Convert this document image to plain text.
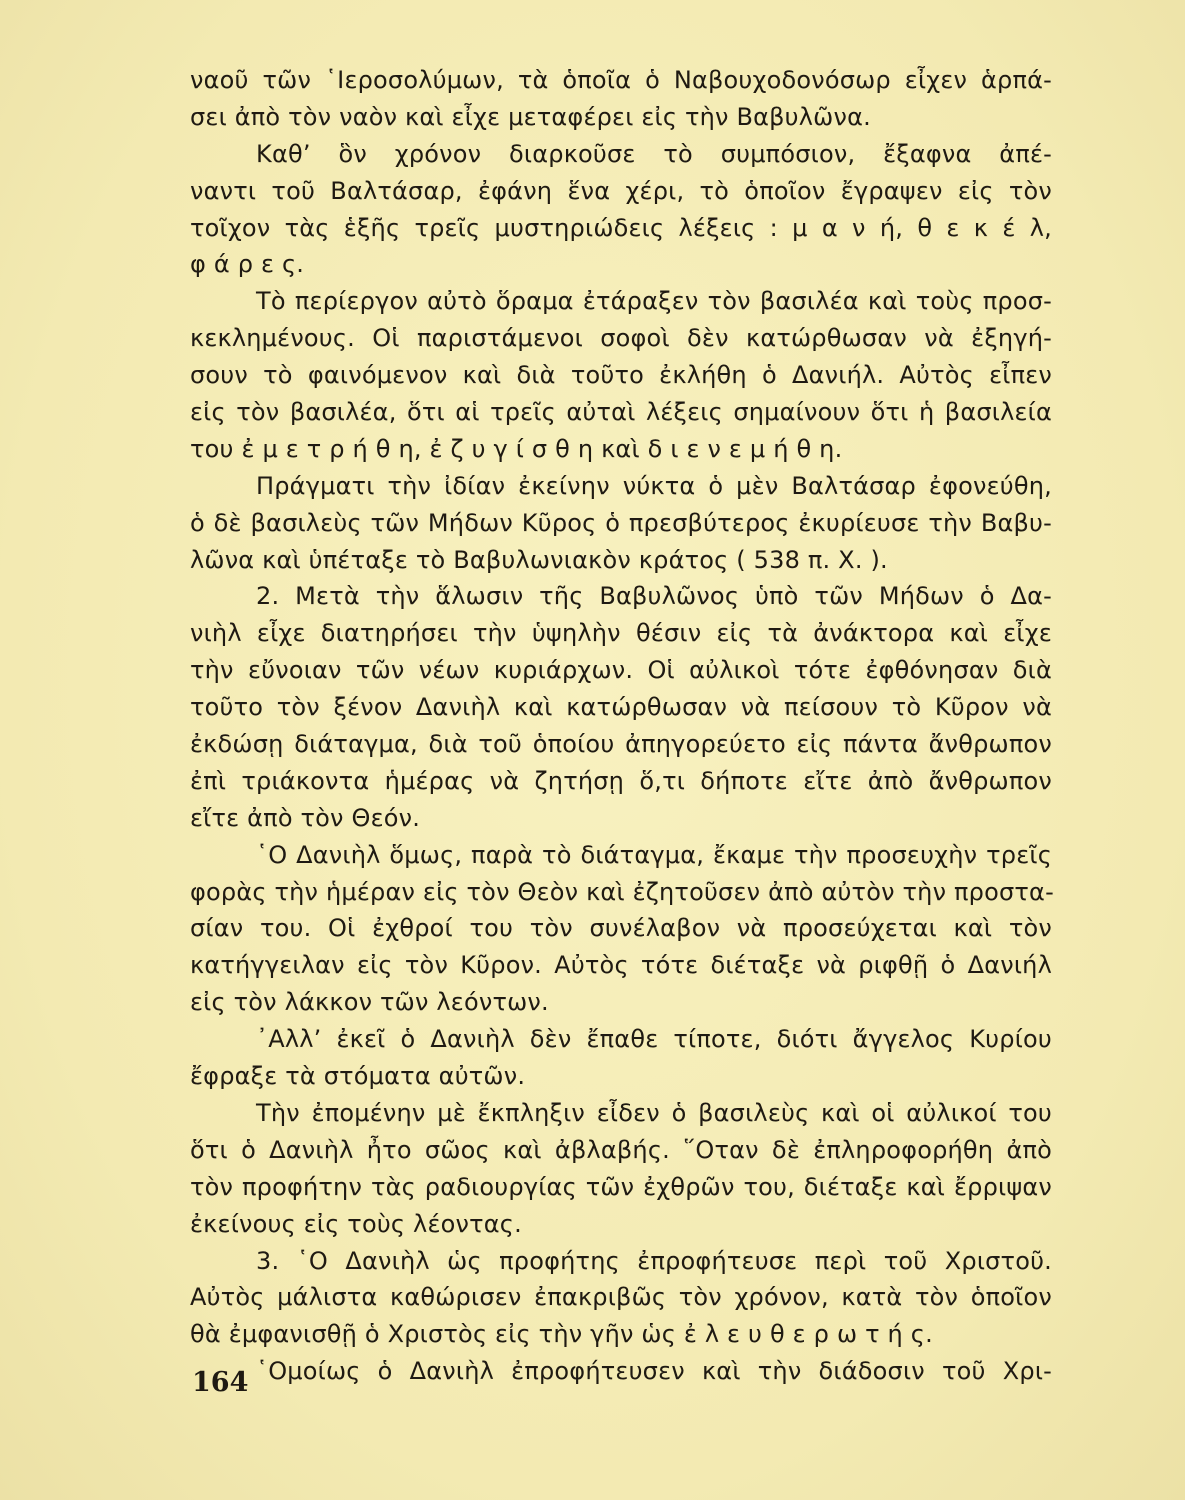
ναοῦ τῶν ῾Ιεροσολύμων, τὰ ὁποῖα ὁ Ναβουχοδονόσωρ εἶχεν ἁρπά-
σει ἀπὸ τὸν ναὸν καὶ εἶχε μεταφέρει εἰς τὴν Βαβυλῶνα.
Καθ’ ὃν χρόνον διαρκοῦσε τὸ συμπόσιον, ἔξαφνα ἀπέ-
ναντι τοῦ Βαλτάσαρ, ἐφάνη ἕνα χέρι, τὸ ὁποῖον ἔγραψεν εἰς τὸν
τοῖχον τὰς ἑξῆς τρεῖς μυστηριώδεις λέξεις : μ α ν ή, θ ε κ έ λ,
φ ά ρ ε ς.
Τὸ περίεργον αὐτὸ ὅραμα ἐτάραξεν τὸν βασιλέα καὶ τοὺς προσ-
κεκλημένους. Οἱ παριστάμενοι σοφοὶ δὲν κατώρθωσαν νὰ ἐξηγή-
σουν τὸ φαινόμενον καὶ διὰ τοῦτο ἐκλήθη ὁ Δανιήλ. Αὐτὸς εἶπεν
εἰς τὸν βασιλέα, ὅτι αἱ τρεῖς αὐταὶ λέξεις σημαίνουν ὅτι ἡ βασιλεία
του ἐ μ ε τ ρ ή θ η, ἐ ζ υ γ ί σ θ η καὶ δ ι ε ν ε μ ή θ η.
Πράγματι τὴν ἰδίαν ἐκείνην νύκτα ὁ μὲν Βαλτάσαρ ἐφονεύθη,
ὁ δὲ βασιλεὺς τῶν Μήδων Κῦρος ὁ πρεσβύτερος ἐκυρίευσε τὴν Βαβυ-
λῶνα καὶ ὑπέταξε τὸ Βαβυλωνιακὸν κράτος ( 538 π. Χ. ).
2. Μετὰ τὴν ἅλωσιν τῆς Βαβυλῶνος ὑπὸ τῶν Μήδων ὁ Δα-
νιὴλ εἶχε διατηρήσει τὴν ὑψηλὴν θέσιν εἰς τὰ ἀνάκτορα καὶ εἶχε
τὴν εὔνοιαν τῶν νέων κυριάρχων. Οἱ αὐλικοὶ τότε ἐφθόνησαν διὰ
τοῦτο τὸν ξένον Δανιὴλ καὶ κατώρθωσαν νὰ πείσουν τὸ Κῦρον νὰ
ἐκδώσῃ διάταγμα, διὰ τοῦ ὁποίου ἀπηγορεύετο εἰς πάντα ἄνθρωπον
ἐπὶ τριάκοντα ἡμέρας νὰ ζητήσῃ ὅ,τι δήποτε εἴτε ἀπὸ ἄνθρωπον
εἴτε ἀπὸ τὸν Θεόν.
῾Ο Δανιὴλ ὅμως, παρὰ τὸ διάταγμα, ἔκαμε τὴν προσευχὴν τρεῖς
φορὰς τὴν ἡμέραν εἰς τὸν Θεὸν καὶ ἐζητοῦσεν ἀπὸ αὐτὸν τὴν προστα-
σίαν του. Οἱ ἐχθροί του τὸν συνέλαβον νὰ προσεύχεται καὶ τὸν
κατήγγειλαν εἰς τὸν Κῦρον. Αὐτὸς τότε διέταξε νὰ ριφθῇ ὁ Δανιήλ
εἰς τὸν λάκκον τῶν λεόντων.
᾿Αλλ’ ἐκεῖ ὁ Δανιὴλ δὲν ἔπαθε τίποτε, διότι ἄγγελος Κυρίου
ἔφραξε τὰ στόματα αὐτῶν.
Τὴν ἐπομένην μὲ ἔκπληξιν εἶδεν ὁ βασιλεὺς καὶ οἱ αὐλικοί του
ὅτι ὁ Δανιὴλ ἦτο σῶος καὶ ἀβλαβής. ῞Οταν δὲ ἐπληροφορήθη ἀπὸ
τὸν προφήτην τὰς ραδιουργίας τῶν ἐχθρῶν του, διέταξε καὶ ἔρριψαν
ἐκείνους εἰς τοὺς λέοντας.
3. ῾Ο Δανιὴλ ὡς προφήτης ἐπροφήτευσε περὶ τοῦ Χριστοῦ.
Αὐτὸς μάλιστα καθώρισεν ἐπακριβῶς τὸν χρόνον, κατὰ τὸν ὁποῖον
θὰ ἐμφανισθῇ ὁ Χριστὸς εἰς τὴν γῆν ὡς ἐ λ ε υ θ ε ρ ω τ ή ς.
῾Ομοίως ὁ Δανιὴλ ἐπροφήτευσεν καὶ τὴν διάδοσιν τοῦ Χρι-
164
